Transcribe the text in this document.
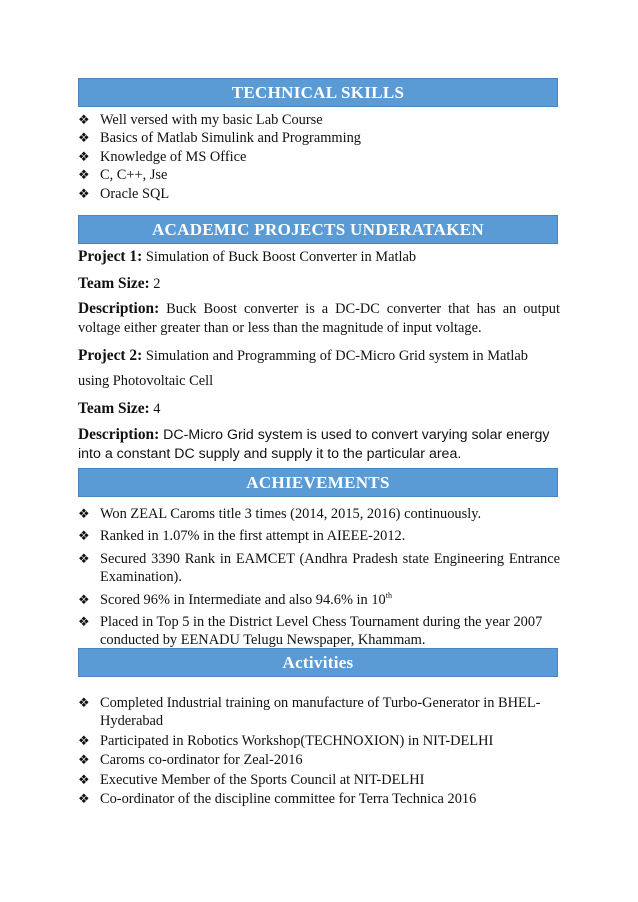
TECHNICAL SKILLS
❖ Well versed with my basic Lab Course
❖ Basics of Matlab Simulink and Programming
❖ Knowledge of MS Office
❖ C, C++, Jse
❖ Oracle SQL
ACADEMIC PROJECTS UNDERATAKEN
Project 1: Simulation of Buck Boost Converter in Matlab
Team Size: 2
Description: Buck Boost converter is a DC-DC converter that has an output voltage either greater than or less than the magnitude of input voltage.
Project 2: Simulation and Programming of DC-Micro Grid system in Matlab
using Photovoltaic Cell
Team Size: 4
Description: DC-Micro Grid system is used to convert varying solar energy into a constant DC supply and supply it to the particular area.
ACHIEVEMENTS
❖ Won ZEAL Caroms title 3 times (2014, 2015, 2016) continuously.
❖ Ranked in 1.07% in the first attempt in AIEEE-2012.
❖ Secured 3390 Rank in EAMCET (Andhra Pradesh state Engineering Entrance Examination).
❖ Scored 96% in Intermediate and also 94.6% in 10th
❖ Placed in Top 5 in the District Level Chess Tournament during the year 2007 conducted by EENADU Telugu Newspaper, Khammam.
Activities
❖ Completed Industrial training on manufacture of Turbo-Generator in BHEL-Hyderabad
❖ Participated in Robotics Workshop(TECHNOXION) in NIT-DELHI
❖ Caroms co-ordinator for Zeal-2016
❖ Executive Member of the Sports Council at NIT-DELHI
❖ Co-ordinator of the discipline committee for Terra Technica 2016
